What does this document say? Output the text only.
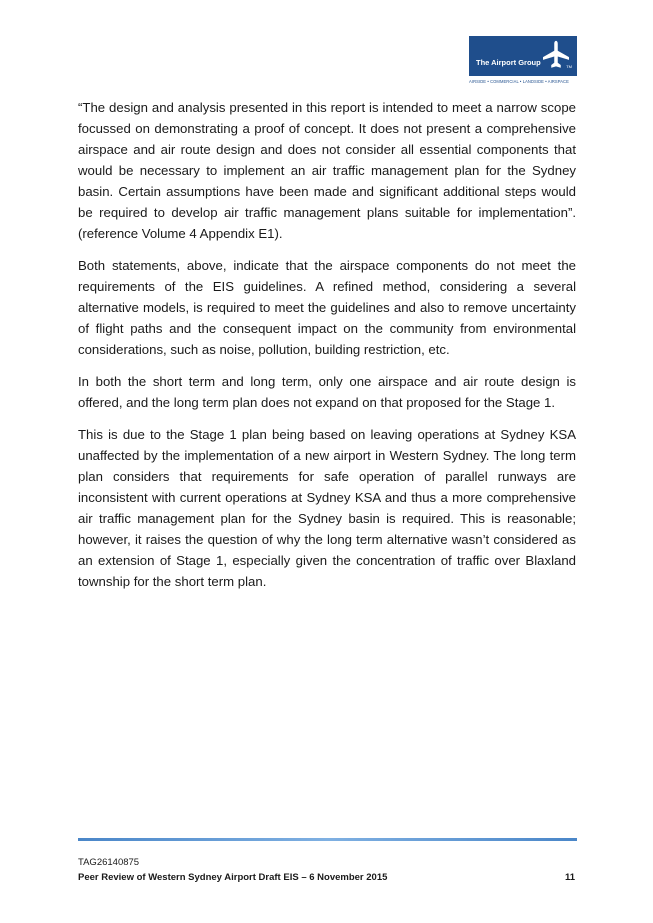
The Airport Group	TM
AIRSIDE • COMMERCIAL • LANDSIDE • AIRSPACE

“The design and analysis presented in this report is intended to meet a narrow scope focussed on demonstrating a proof of concept. It does not present a comprehensive airspace and air route design and does not consider all essential components that would be necessary to implement an air traffic management plan for the Sydney basin. Certain assumptions have been made and significant additional steps would be required to develop air traffic management plans suitable for implementation”. (reference Volume 4 Appendix E1).

Both statements, above, indicate that the airspace components do not meet the requirements of the EIS guidelines. A refined method, considering a several alternative models, is required to meet the guidelines and also to remove uncertainty of flight paths and the consequent impact on the community from environmental considerations, such as noise, pollution, building restriction, etc.

In both the short term and long term, only one airspace and air route design is offered, and the long term plan does not expand on that proposed for the Stage 1.

This is due to the Stage 1 plan being based on leaving operations at Sydney KSA unaffected by the implementation of a new airport in Western Sydney. The long term plan considers that requirements for safe operation of parallel runways are inconsistent with current operations at Sydney KSA and thus a more comprehensive air traffic management plan for the Sydney basin is required. This is reasonable; however, it raises the question of why the long term alternative wasn’t considered as an extension of Stage 1, especially given the concentration of traffic over Blaxland township for the short term plan.

TAG26140875
Peer Review of Western Sydney Airport Draft EIS – 6 November 2015	11
